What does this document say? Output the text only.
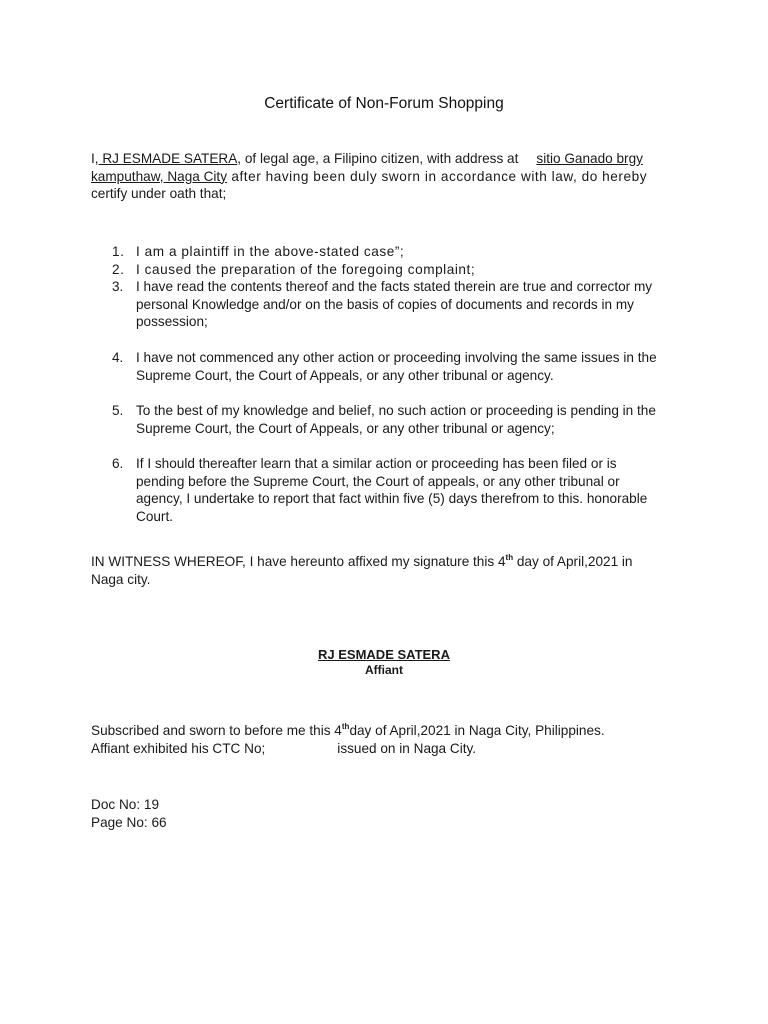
Certificate of Non-Forum Shopping
I, RJ ESMADE SATERA, of legal age, a Filipino citizen, with address at sitio Ganado brgy
kamputhaw, Naga City after having been duly sworn in accordance with law, do hereby
certify under oath that;
1. I am a plaintiff in the above-stated case”;
2. I caused the preparation of the foregoing complaint;
3. I have read the contents thereof and the facts stated therein are true and corrector my
personal Knowledge and/or on the basis of copies of documents and records in my
possession;
4. I have not commenced any other action or proceeding involving the same issues in the
Supreme Court, the Court of Appeals, or any other tribunal or agency.
5. To the best of my knowledge and belief, no such action or proceeding is pending in the
Supreme Court, the Court of Appeals, or any other tribunal or agency;
6. If I should thereafter learn that a similar action or proceeding has been filed or is
pending before the Supreme Court, the Court of appeals, or any other tribunal or
agency, I undertake to report that fact within five (5) days therefrom to this. honorable
Court.
IN WITNESS WHEREOF, I have hereunto affixed my signature this 4th day of April,2021 in
Naga city.
RJ ESMADE SATERA
Affiant
Subscribed and sworn to before me this 4thday of April,2021 in Naga City, Philippines.
Affiant exhibited his CTC No;	issued on in Naga City.
Doc No: 19
Page No: 66
